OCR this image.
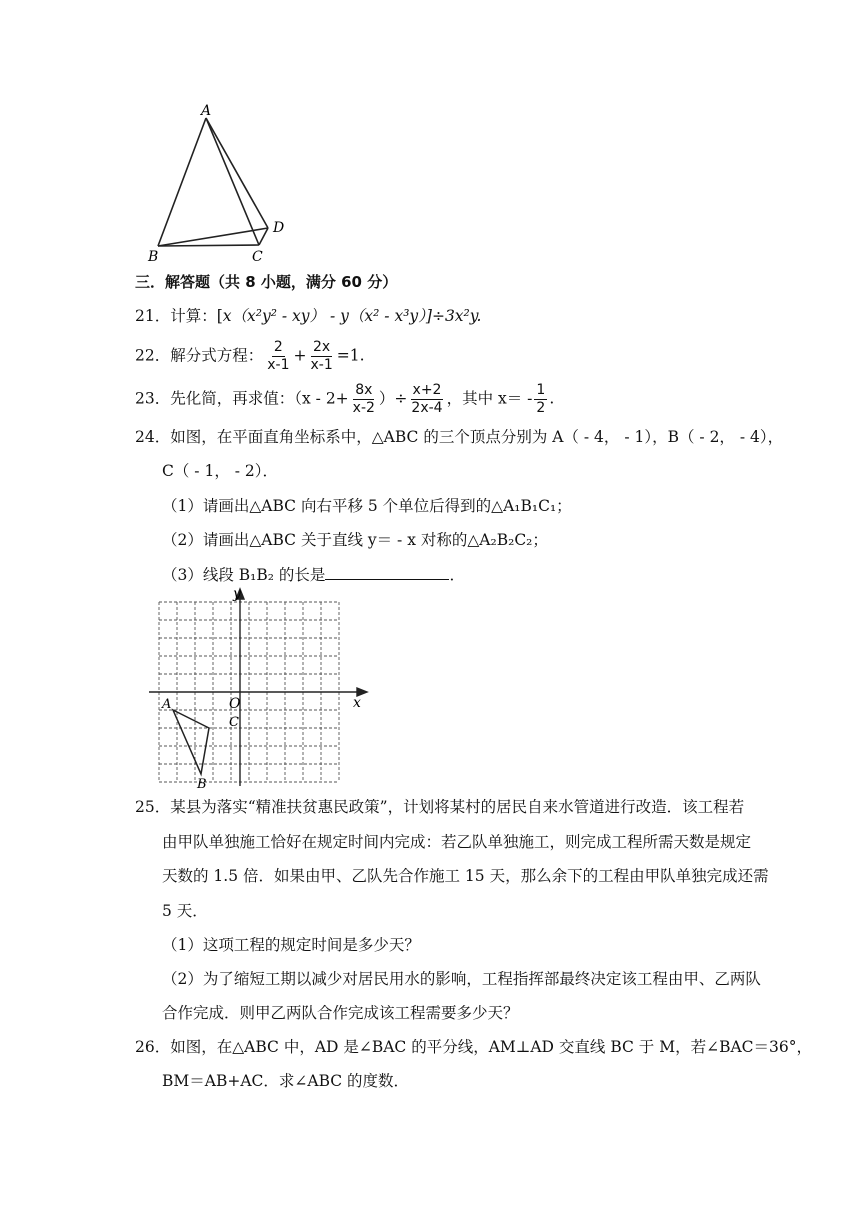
A
B	C
D
三．解答题（共 8 小题，满分 60 分）
21．计算：[x（x²y² - xy） - y（x² - x³y）]÷3x²y.
22．解分式方程： $\frac{2}{x-1} + \frac{2x}{x-1} =1$.
23．先化简，再求值：（$x - 2+ \frac{8x}{x-2}$ ）÷ $\frac{x+2}{2x-4}$ ，其中 $x= - \frac{1}{2}$ .
24．如图，在平面直角坐标系中，△ABC 的三个顶点分别为 A（ - 4， - 1），B（ - 2， - 4），
C（ - 1， - 2）．
（1）请画出△ABC 向右平移 5 个单位后得到的△A₁B₁C₁；
（2）请画出△ABC 关于直线 y＝ - x 对称的△A₂B₂C₂；
（3）线段 B₁B₂ 的长是	．
y
x
O
A
B
C
25．某县为落实“精准扶贫惠民政策”，计划将某村的居民自来水管道进行改造．该工程若
由甲队单独施工恰好在规定时间内完成：若乙队单独施工，则完成工程所需天数是规定
天数的 1.5 倍．如果由甲、乙队先合作施工 15 天，那么余下的工程由甲队单独完成还需
5 天．
（1）这项工程的规定时间是多少天？
（2）为了缩短工期以减少对居民用水的影响，工程指挥部最终决定该工程由甲、乙两队
合作完成．则甲乙两队合作完成该工程需要多少天？
26．如图，在△ABC 中，AD 是∠BAC 的平分线，AM⊥AD 交直线 BC 于 M，若∠BAC＝36°，
BM＝AB+AC．求∠ABC 的度数．
